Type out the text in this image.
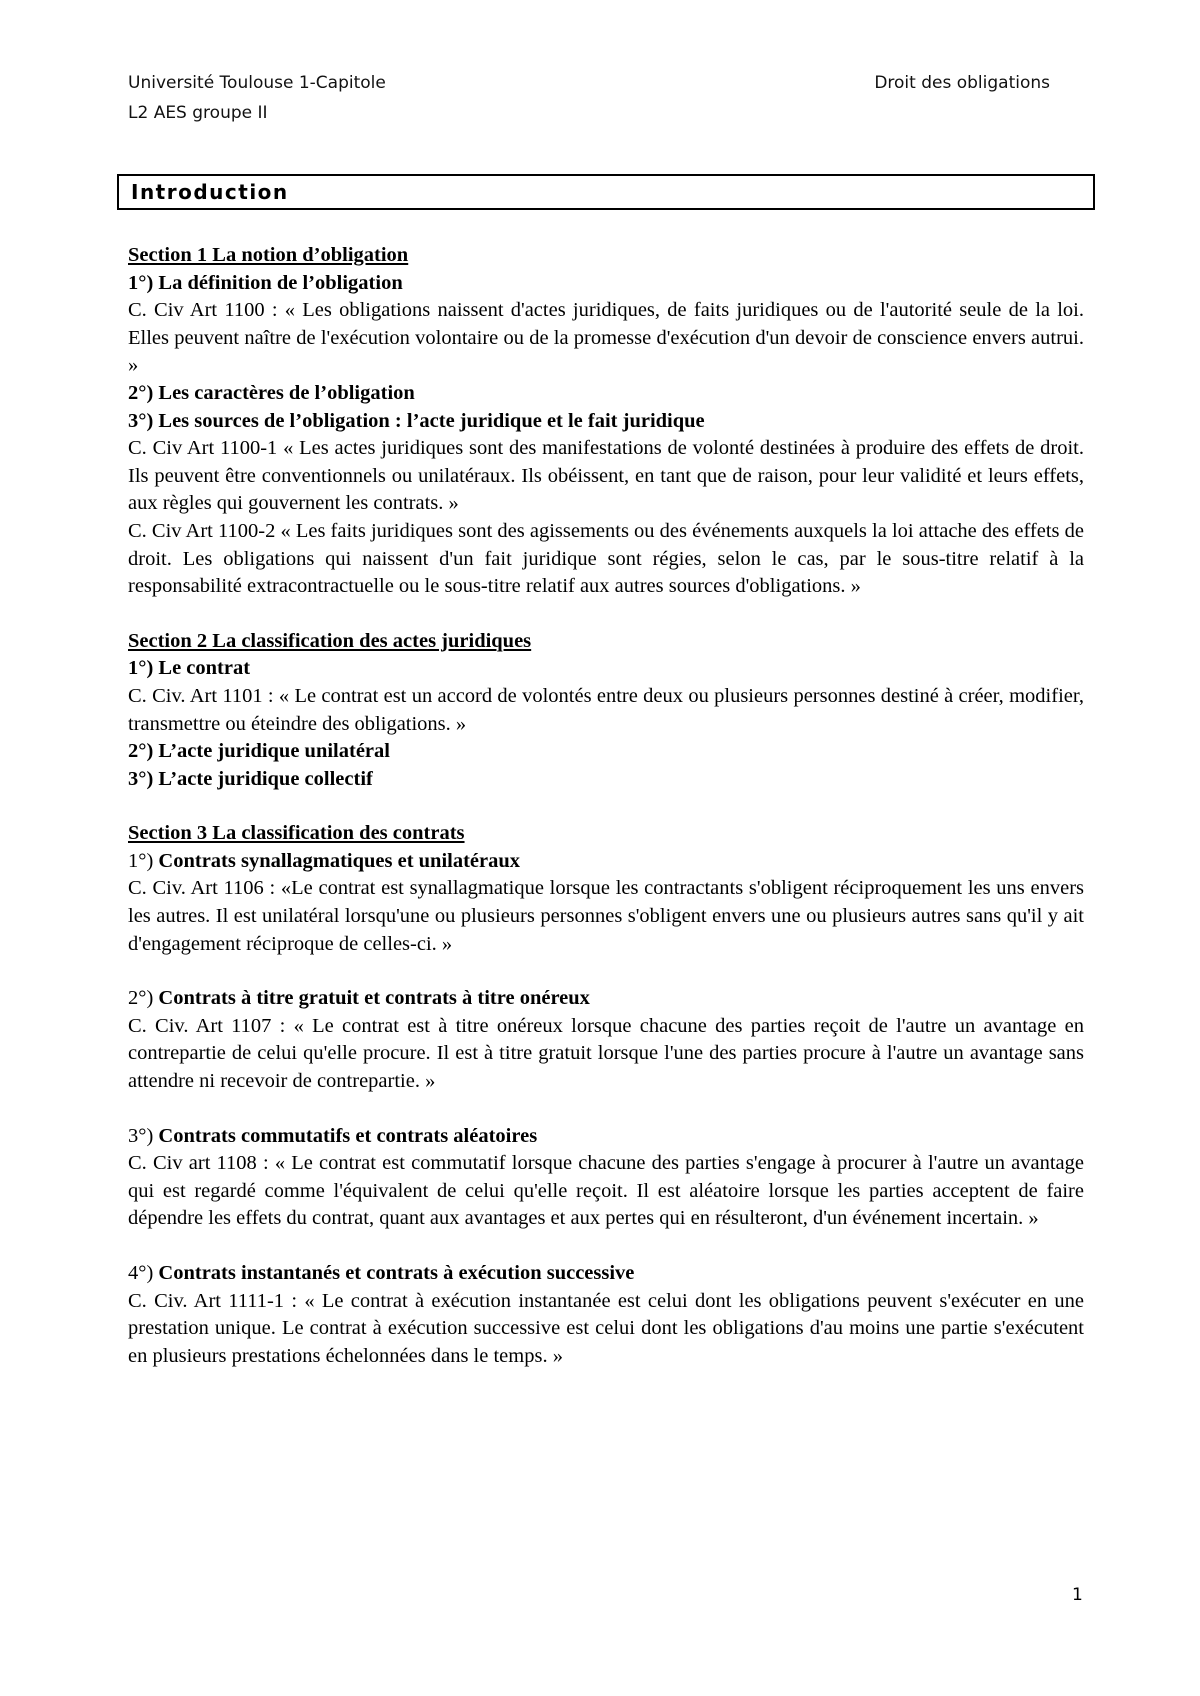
Université Toulouse 1-Capitole	Droit des obligations
L2 AES groupe II
Introduction

Section 1 La notion d’obligation

1°) La définition de l’obligation

C. Civ Art 1100 : « Les obligations naissent d'actes juridiques, de faits juridiques ou de l'autorité seule de la loi. Elles peuvent naître de l'exécution volontaire ou de la promesse d'exécution d'un devoir de conscience envers autrui. »

2°) Les caractères de l’obligation

3°) Les sources de l’obligation : l’acte juridique et le fait juridique

C. Civ Art 1100-1 « Les actes juridiques sont des manifestations de volonté destinées à produire des effets de droit. Ils peuvent être conventionnels ou unilatéraux. Ils obéissent, en tant que de raison, pour leur validité et leurs effets, aux règles qui gouvernent les contrats. »

C. Civ Art 1100-2 « Les faits juridiques sont des agissements ou des événements auxquels la loi attache des effets de droit. Les obligations qui naissent d'un fait juridique sont régies, selon le cas, par le sous-titre relatif à la responsabilité extracontractuelle ou le sous-titre relatif aux autres sources d'obligations. »

Section 2 La classification des actes juridiques

1°) Le contrat

C. Civ. Art 1101 : « Le contrat est un accord de volontés entre deux ou plusieurs personnes destiné à créer, modifier, transmettre ou éteindre des obligations. »

2°) L’acte juridique unilatéral

3°) L’acte juridique collectif

Section 3 La classification des contrats

1°) Contrats synallagmatiques et unilatéraux

C. Civ. Art 1106 : «Le contrat est synallagmatique lorsque les contractants s'obligent réciproquement les uns envers les autres. Il est unilatéral lorsqu'une ou plusieurs personnes s'obligent envers une ou plusieurs autres sans qu'il y ait d'engagement réciproque de celles-ci. »

2°) Contrats à titre gratuit et contrats à titre onéreux

C. Civ. Art 1107 : « Le contrat est à titre onéreux lorsque chacune des parties reçoit de l'autre un avantage en contrepartie de celui qu'elle procure. Il est à titre gratuit lorsque l'une des parties procure à l'autre un avantage sans attendre ni recevoir de contrepartie. »

3°) Contrats commutatifs et contrats aléatoires

C. Civ art 1108 : « Le contrat est commutatif lorsque chacune des parties s'engage à procurer à l'autre un avantage qui est regardé comme l'équivalent de celui qu'elle reçoit. Il est aléatoire lorsque les parties acceptent de faire dépendre les effets du contrat, quant aux avantages et aux pertes qui en résulteront, d'un événement incertain. »

4°) Contrats instantanés et contrats à exécution successive

C. Civ. Art 1111-1 : « Le contrat à exécution instantanée est celui dont les obligations peuvent s'exécuter en une prestation unique. Le contrat à exécution successive est celui dont les obligations d'au moins une partie s'exécutent en plusieurs prestations échelonnées dans le temps. »

1
